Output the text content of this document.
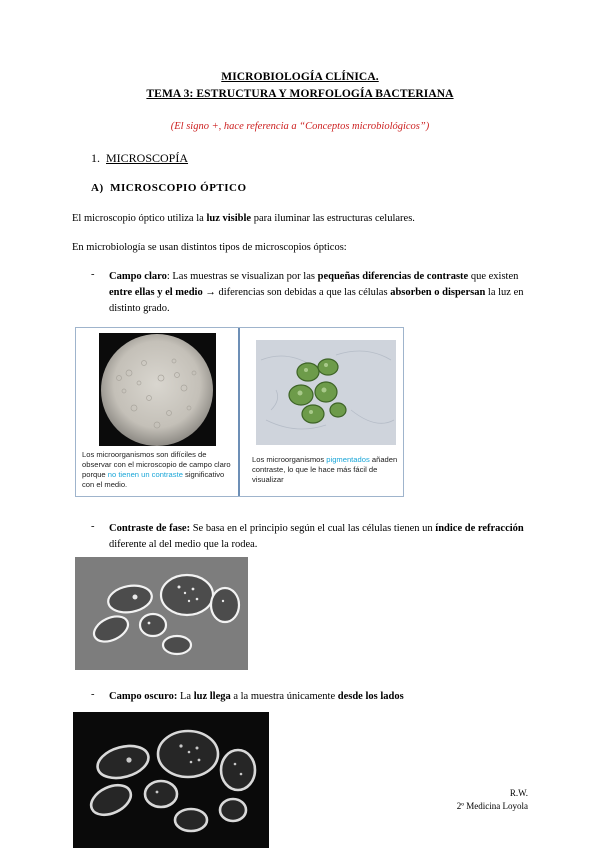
MICROBIOLOGÍA CLÍNICA.
TEMA 3: ESTRUCTURA Y MORFOLOGÍA BACTERIANA
(El signo +, hace referencia a “Conceptos microbiológicos”)
1. MICROSCOPÍA
A) MICROSCOPIO ÓPTICO
El microscopio óptico utiliza la luz visible para iluminar las estructuras celulares.
En microbiología se usan distintos tipos de microscopios ópticos:
- Campo claro: Las muestras se visualizan por las pequeñas diferencias de contraste que existen entre ellas y el medio → diferencias son debidas a que las células absorben o dispersan la luz en distinto grado.
Los microorganismos son difíciles de observar con el microscopio de campo claro porque no tienen un contraste significativo con el medio.
Los microorganismos pigmentados añaden contraste, lo que le hace más fácil de visualizar
- Contraste de fase: Se basa en el principio según el cual las células tienen un índice de refracción diferente al del medio que la rodea.
- Campo oscuro: La luz llega a la muestra únicamente desde los lados
R.W.
2º Medicina Loyola
